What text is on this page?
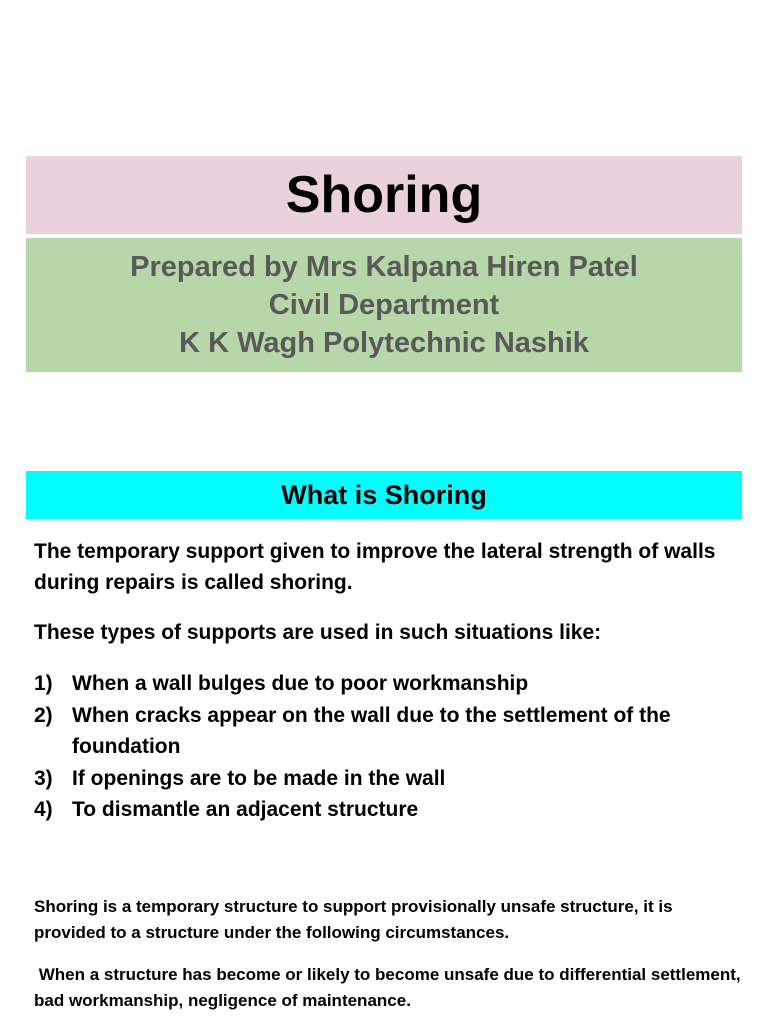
Shoring
Prepared by Mrs Kalpana Hiren Patel
Civil Department
K K Wagh Polytechnic Nashik
What is Shoring

The temporary support given to improve the lateral strength of walls during repairs is called shoring.

These types of supports are used in such situations like:

1) When a wall bulges due to poor workmanship
2) When cracks appear on the wall due to the settlement of the foundation
3) If openings are to be made in the wall
4) To dismantle an adjacent structure

Shoring is a temporary structure to support provisionally unsafe structure, it is provided to a structure under the following circumstances.

When a structure has become or likely to become unsafe due to differential settlement, bad workmanship, negligence of maintenance.
